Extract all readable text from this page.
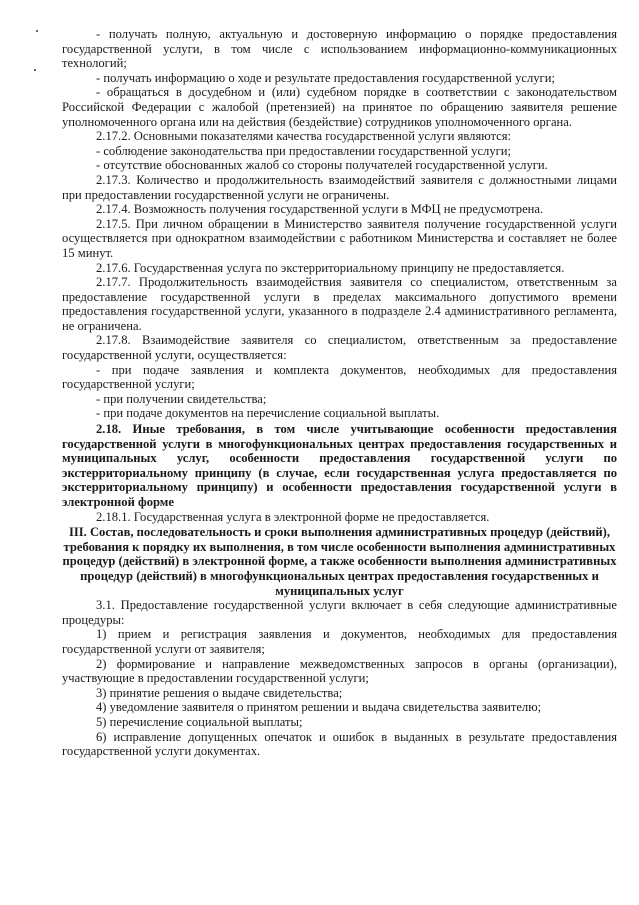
- получать полную, актуальную и достоверную информацию о порядке предоставления государственной услуги, в том числе с использованием информационно-коммуникационных технологий;

- получать информацию о ходе и результате предоставления государственной услуги;

- обращаться в досудебном и (или) судебном порядке в соответствии с законодательством Российской Федерации с жалобой (претензией) на принятое по обращению заявителя решение уполномоченного органа или на действия (бездействие) сотрудников уполномоченного органа.

2.17.2. Основными показателями качества государственной услуги являются:

- соблюдение законодательства при предоставлении государственной услуги;

- отсутствие обоснованных жалоб со стороны получателей государственной услуги.

2.17.3. Количество и продолжительность взаимодействий заявителя с должностными лицами при предоставлении государственной услуги не ограничены.

2.17.4. Возможность получения государственной услуги в МФЦ не предусмотрена.

2.17.5. При личном обращении в Министерство заявителя получение государственной услуги осуществляется при однократном взаимодействии с работником Министерства и составляет не более 15 минут.

2.17.6. Государственная услуга по экстерриториальному принципу не предоставляется.

2.17.7. Продолжительность взаимодействия заявителя со специалистом, ответственным за предоставление государственной услуги в пределах максимального допустимого времени предоставления государственной услуги, указанного в подразделе 2.4 административного регламента, не ограничена.

2.17.8. Взаимодействие заявителя со специалистом, ответственным за предоставление государственной услуги, осуществляется:

- при подаче заявления и комплекта документов, необходимых для предоставления государственной услуги;

- при получении свидетельства;

- при подаче документов на перечисление социальной выплаты.

2.18. Иные требования, в том числе учитывающие особенности предоставления государственной услуги в многофункциональных центрах предоставления государственных и муниципальных услуг, особенности предоставления государственной услуги по экстерриториальному принципу (в случае, если государственная услуга предоставляется по экстерриториальному принципу) и особенности предоставления государственной услуги в электронной форме

2.18.1. Государственная услуга в электронной форме не предоставляется.

III. Состав, последовательность и сроки выполнения административных процедур (действий), требования к порядку их выполнения, в том числе особенности выполнения административных процедур (действий) в электронной форме, а также особенности выполнения административных процедур (действий) в многофункциональных центрах предоставления государственных и муниципальных услуг

3.1. Предоставление государственной услуги включает в себя следующие административные процедуры:

1) прием и регистрация заявления и документов, необходимых для предоставления государственной услуги от заявителя;

2) формирование и направление межведомственных запросов в органы (организации), участвующие в предоставлении государственной услуги;

3) принятие решения о выдаче свидетельства;

4) уведомление заявителя о принятом решении и выдача свидетельства заявителю;

5) перечисление социальной выплаты;

6) исправление допущенных опечаток и ошибок в выданных в результате предоставления государственной услуги документах.
